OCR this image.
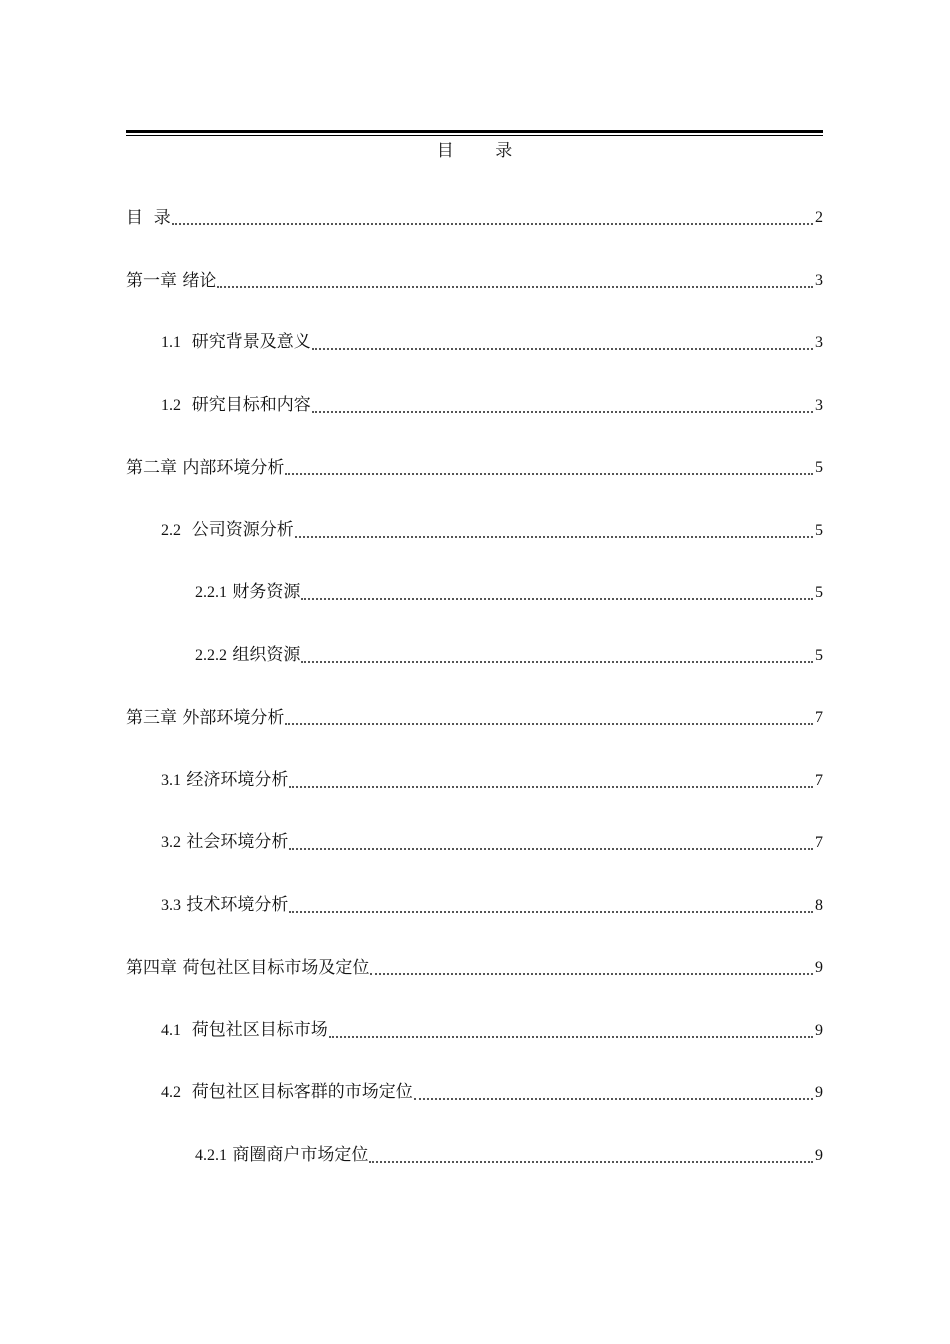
目 录
目  录	2
第一章 绪论	3
1.1  研究背景及意义	3
1.2  研究目标和内容	3
第二章 内部环境分析	5
2.2  公司资源分析	5
2.2.1 财务资源	5
2.2.2 组织资源	5
第三章 外部环境分析	7
3.1 经济环境分析	7
3.2 社会环境分析	7
3.3 技术环境分析	8
第四章 荷包社区目标市场及定位	9
4.1  荷包社区目标市场	9
4.2  荷包社区目标客群的市场定位	9
4.2.1 商圈商户市场定位	9
